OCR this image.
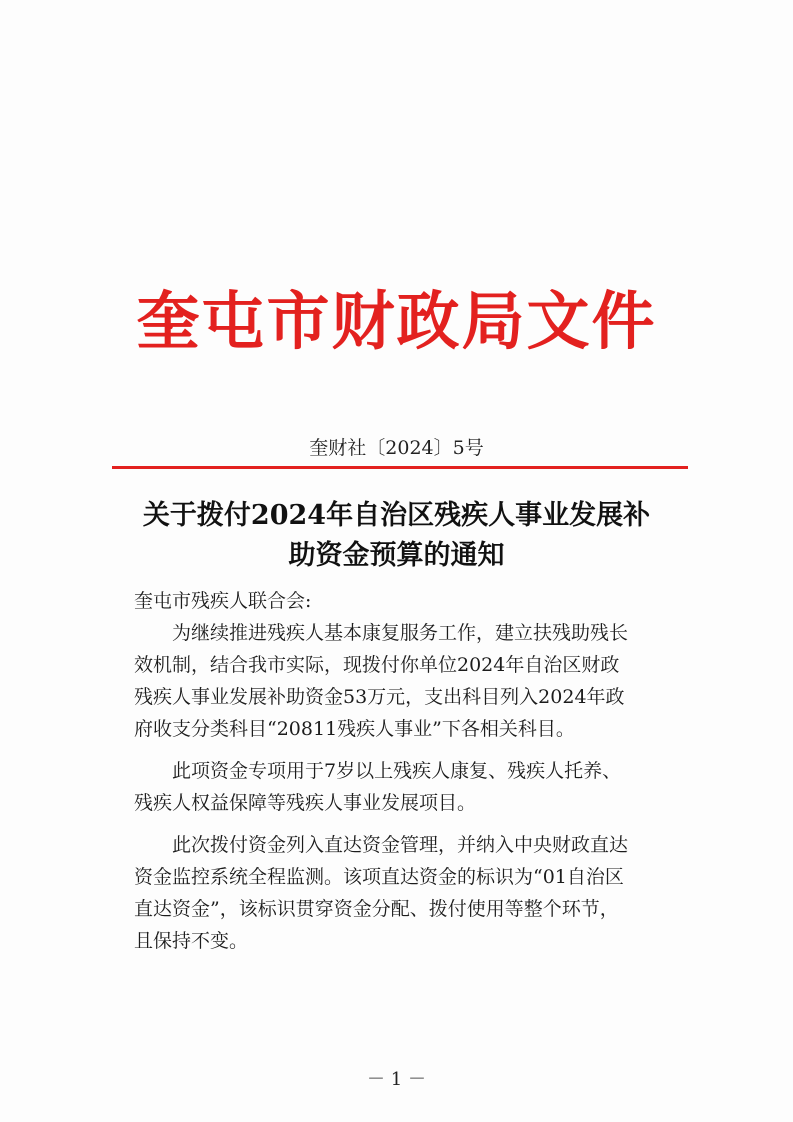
奎屯市财政局文件
奎财社〔2024〕5号
关于拨付2024年自治区残疾人事业发展补
助资金预算的通知
奎屯市残疾人联合会:
为继续推进残疾人基本康复服务工作，建立扶残助残长
效机制，结合我市实际，现拨付你单位2024年自治区财政
残疾人事业发展补助资金53万元，支出科目列入2024年政
府收支分类科目“20811残疾人事业”下各相关科目。
此项资金专项用于7岁以上残疾人康复、残疾人托养、
残疾人权益保障等残疾人事业发展项目。
此次拨付资金列入直达资金管理，并纳入中央财政直达
资金监控系统全程监测。该项直达资金的标识为“01自治区
直达资金”，该标识贯穿资金分配、拨付使用等整个环节，
且保持不变。
－ 1 －
